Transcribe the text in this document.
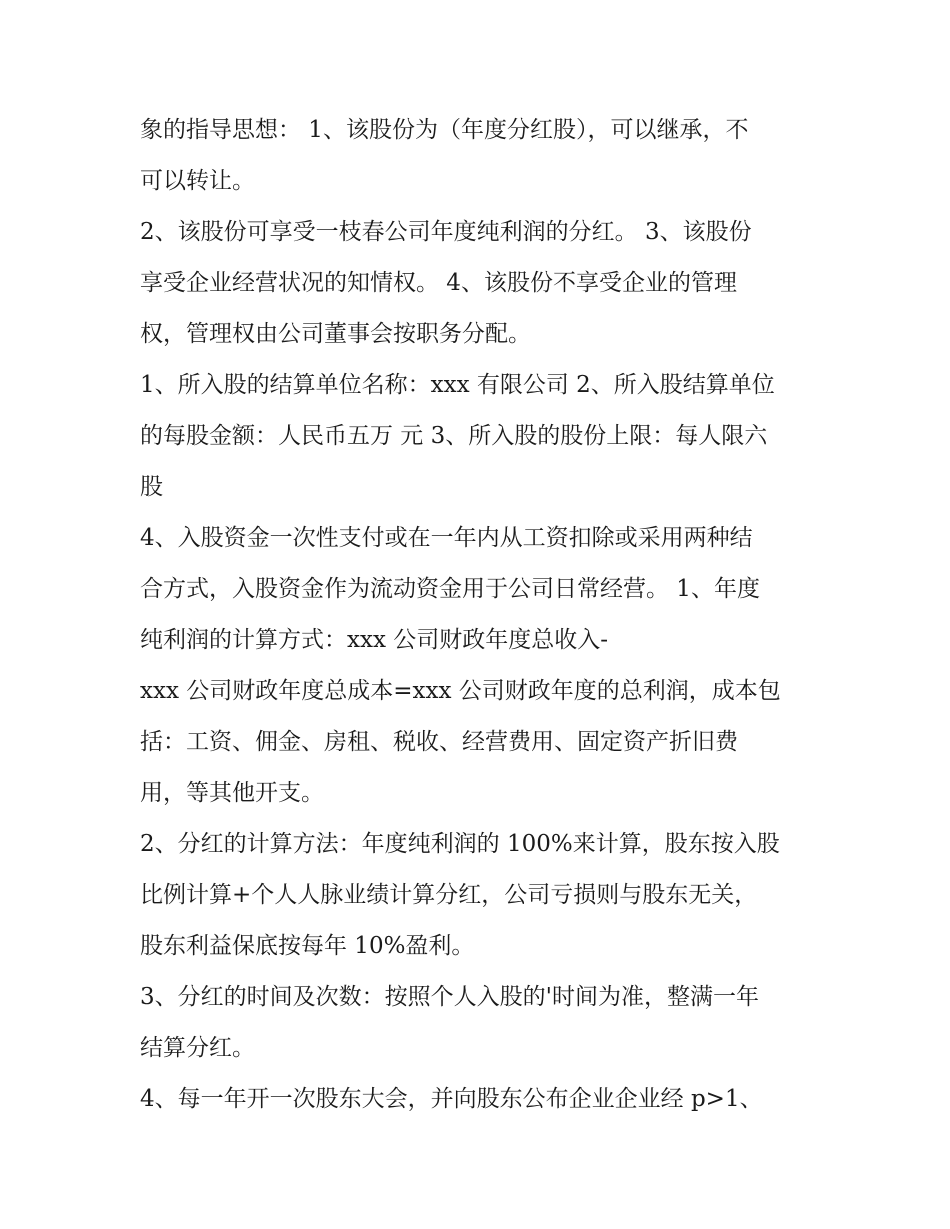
象的指导思想： 1、该股份为（年度分红股），可以继承，不

可以转让。

2、该股份可享受一枝春公司年度纯利润的分红。 3、该股份

享受企业经营状况的知情权。 4、该股份不享受企业的管理

权，管理权由公司董事会按职务分配。

1、所入股的结算单位名称：xxx 有限公司 2、所入股结算单位

的每股金额：人民币五万 元 3、所入股的股份上限：每人限六

股

4、入股资金一次性支付或在一年内从工资扣除或采用两种结

合方式，入股资金作为流动资金用于公司日常经营。 1、年度

纯利润的计算方式：xxx 公司财政年度总收入-

xxx 公司财政年度总成本=xxx 公司财政年度的总利润，成本包

括：工资、佣金、房租、税收、经营费用、固定资产折旧费

用，等其他开支。

2、分红的计算方法：年度纯利润的 100%来计算，股东按入股

比例计算+个人人脉业绩计算分红，公司亏损则与股东无关，

股东利益保底按每年 10%盈利。

3、分红的时间及次数：按照个人入股的'时间为准，整满一年

结算分红。

4、每一年开一次股东大会，并向股东公布企业企业经 p>1、
